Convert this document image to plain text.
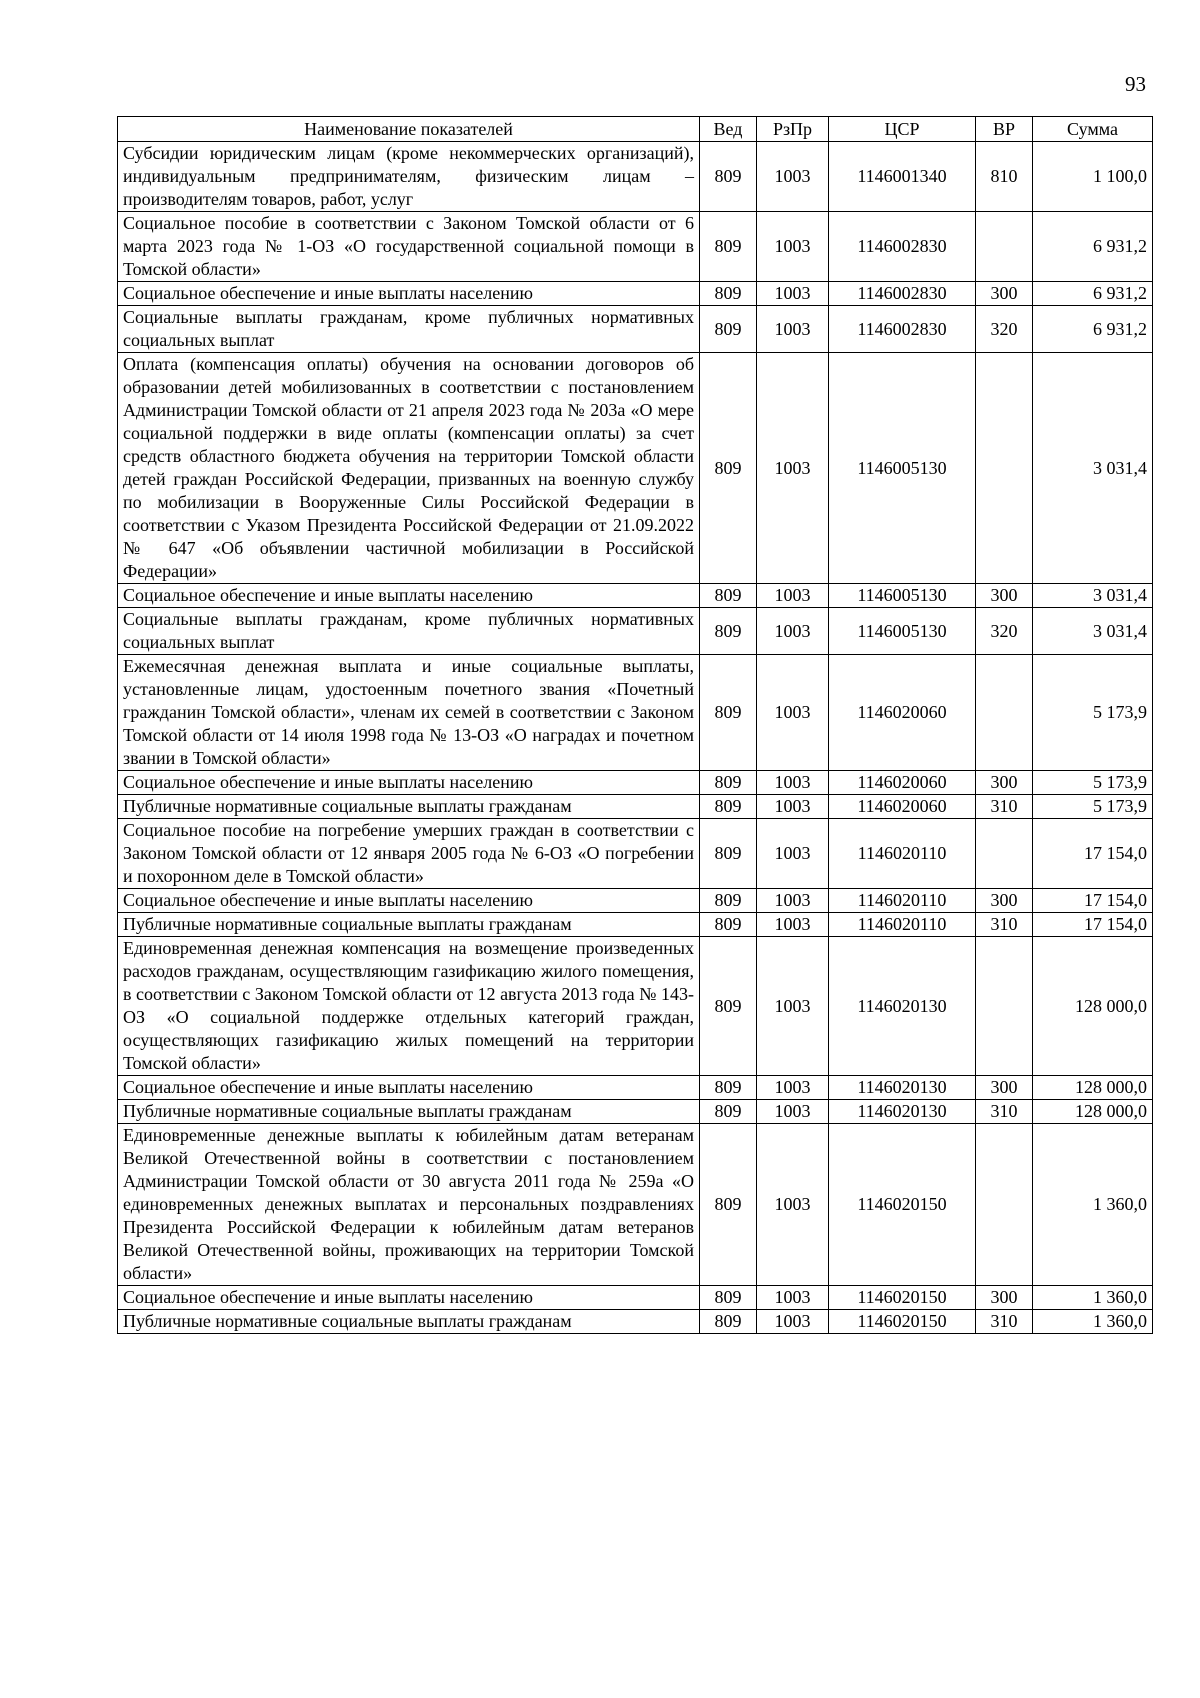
93
Наименование показателей	Вед	РзПр	ЦСР	ВР	Сумма
Субсидии юридическим лицам (кроме некоммерческих организаций), индивидуальным предпринимателям, физическим лицам – производителям товаров, работ, услуг	809	1003	1146001340	810	1 100,0
Социальное пособие в соответствии с Законом Томской области от 6 марта 2023 года № 1-ОЗ «О государственной социальной помощи в Томской области»	809	1003	1146002830		6 931,2
Социальное обеспечение и иные выплаты населению	809	1003	1146002830	300	6 931,2
Социальные выплаты гражданам, кроме публичных нормативных социальных выплат	809	1003	1146002830	320	6 931,2
Оплата (компенсация оплаты) обучения на основании договоров об образовании детей мобилизованных в соответствии с постановлением Администрации Томской области от 21 апреля 2023 года № 203а «О мере социальной поддержки в виде оплаты (компенсации оплаты) за счет средств областного бюджета обучения на территории Томской области детей граждан Российской Федерации, призванных на военную службу по мобилизации в Вооруженные Силы Российской Федерации в соответствии с Указом Президента Российской Федерации от 21.09.2022 № 647 «Об объявлении частичной мобилизации в Российской Федерации»	809	1003	1146005130		3 031,4
Социальное обеспечение и иные выплаты населению	809	1003	1146005130	300	3 031,4
Социальные выплаты гражданам, кроме публичных нормативных социальных выплат	809	1003	1146005130	320	3 031,4
Ежемесячная денежная выплата и иные социальные выплаты, установленные лицам, удостоенным почетного звания «Почетный гражданин Томской области», членам их семей в соответствии с Законом Томской области от 14 июля 1998 года № 13-ОЗ «О наградах и почетном звании в Томской области»	809	1003	1146020060		5 173,9
Социальное обеспечение и иные выплаты населению	809	1003	1146020060	300	5 173,9
Публичные нормативные социальные выплаты гражданам	809	1003	1146020060	310	5 173,9
Социальное пособие на погребение умерших граждан в соответствии с Законом Томской области от 12 января 2005 года № 6-ОЗ «О погребении и похоронном деле в Томской области»	809	1003	1146020110		17 154,0
Социальное обеспечение и иные выплаты населению	809	1003	1146020110	300	17 154,0
Публичные нормативные социальные выплаты гражданам	809	1003	1146020110	310	17 154,0
Единовременная денежная компенсация на возмещение произведенных расходов гражданам, осуществляющим газификацию жилого помещения, в соответствии с Законом Томской области от 12 августа 2013 года № 143-ОЗ «О социальной поддержке отдельных категорий граждан, осуществляющих газификацию жилых помещений на территории Томской области»	809	1003	1146020130		128 000,0
Социальное обеспечение и иные выплаты населению	809	1003	1146020130	300	128 000,0
Публичные нормативные социальные выплаты гражданам	809	1003	1146020130	310	128 000,0
Единовременные денежные выплаты к юбилейным датам ветеранам Великой Отечественной войны в соответствии с постановлением Администрации Томской области от 30 августа 2011 года № 259а «О единовременных денежных выплатах и персональных поздравлениях Президента Российской Федерации к юбилейным датам ветеранов Великой Отечественной войны, проживающих на территории Томской области»	809	1003	1146020150		1 360,0
Социальное обеспечение и иные выплаты населению	809	1003	1146020150	300	1 360,0
Публичные нормативные социальные выплаты гражданам	809	1003	1146020150	310	1 360,0
